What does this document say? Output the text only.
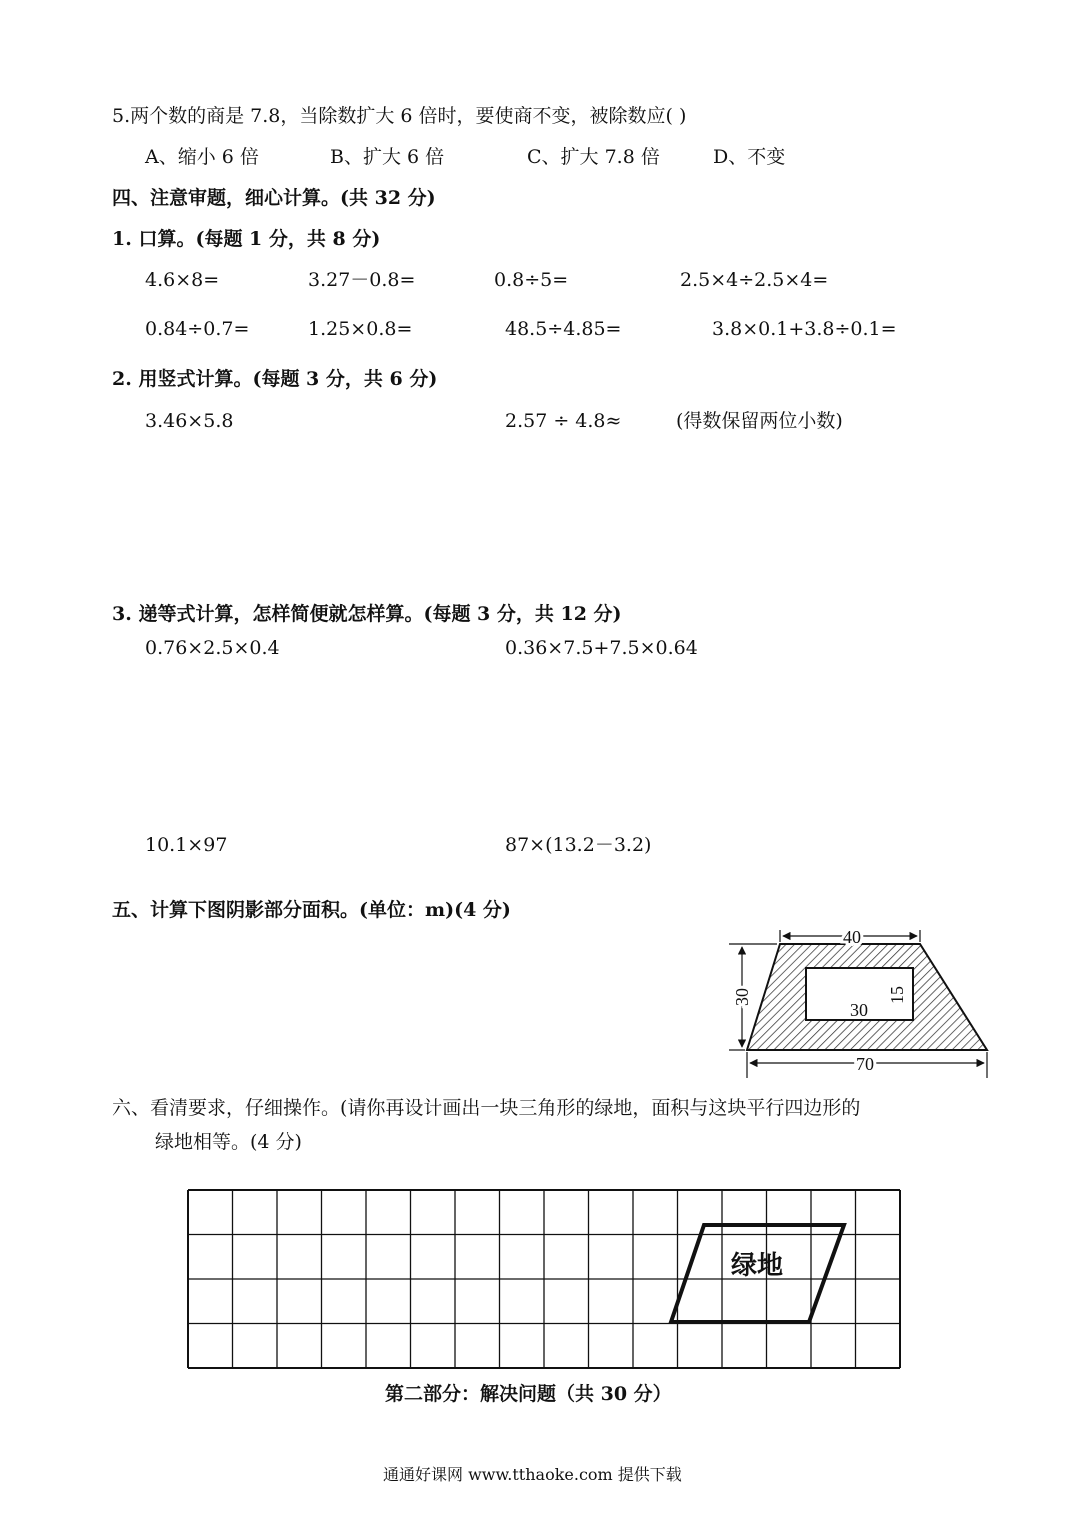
5.两个数的商是 7.8，当除数扩大 6 倍时，要使商不变，被除数应( )
A、缩小 6 倍	B、扩大 6 倍	C、扩大 7.8 倍	D、不变
四、注意审题，细心计算。(共 32 分)
1. 口算。(每题 1 分，共 8 分)
4.6×8=	3.27－0.8=	0.8÷5=	2.5×4÷2.5×4=
0.84÷0.7=	1.25×0.8=	48.5÷4.85=	3.8×0.1+3.8÷0.1=
2. 用竖式计算。(每题 3 分，共 6 分)
3.46×5.8	2.57 ÷ 4.8≈	(得数保留两位小数)
3. 递等式计算，怎样简便就怎样算。(每题 3 分，共 12 分)
0.76×2.5×0.4	0.36×7.5+7.5×0.64
10.1×97	87×(13.2－3.2)
五、计算下图阴影部分面积。(单位：m)(4 分)
40
30
70
30
15
六、看清要求，仔细操作。(请你再设计画出一块三角形的绿地，面积与这块平行四边形的
绿地相等。(4 分)
绿地
第二部分：解决问题（共 30 分）
通通好课网 www.tthaoke.com 提供下载
